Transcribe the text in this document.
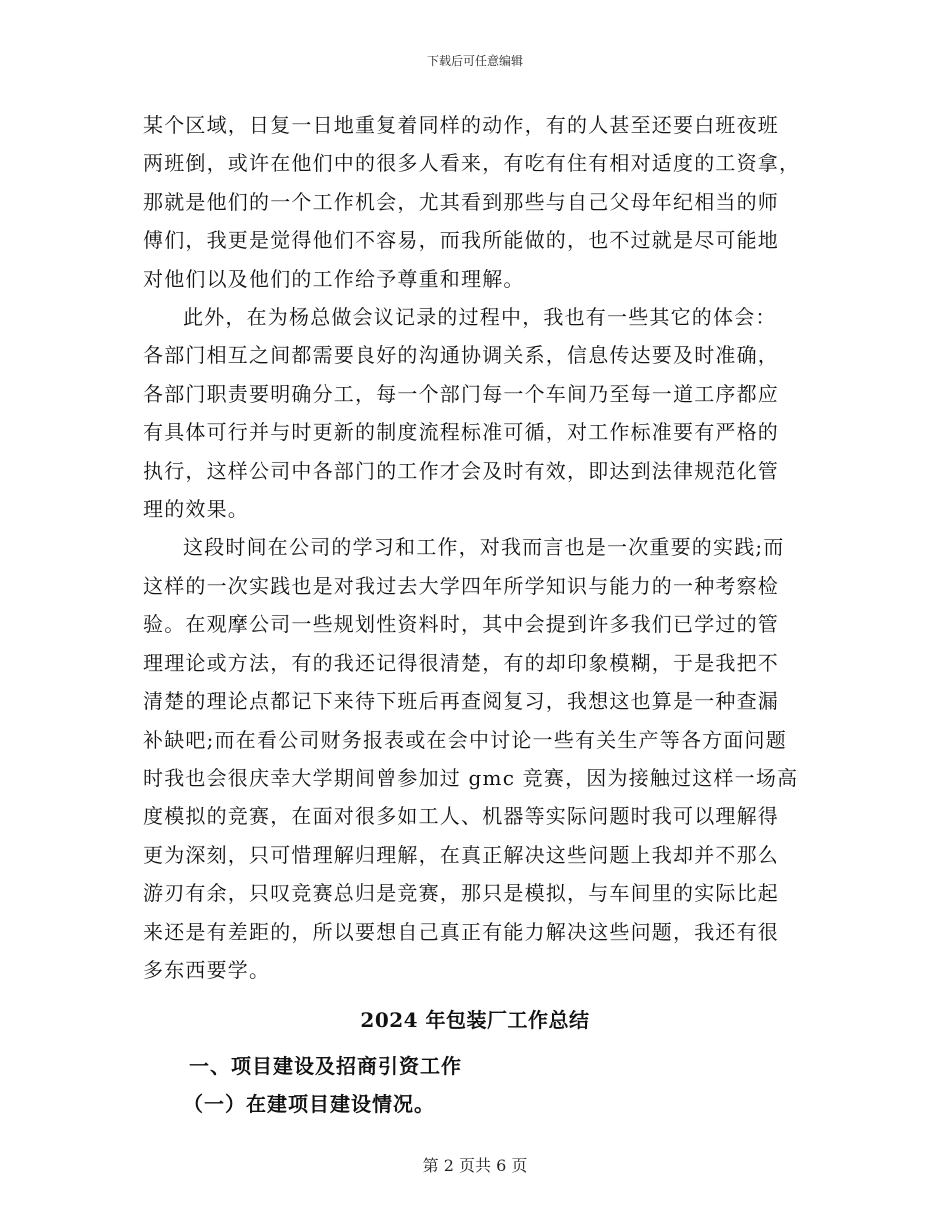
下载后可任意编辑

某个区域，日复一日地重复着同样的动作，有的人甚至还要白班夜班
两班倒，或许在他们中的很多人看来，有吃有住有相对适度的工资拿，
那就是他们的一个工作机会，尤其看到那些与自己父母年纪相当的师
傅们，我更是觉得他们不容易，而我所能做的，也不过就是尽可能地
对他们以及他们的工作给予尊重和理解。

此外，在为杨总做会议记录的过程中，我也有一些其它的体会：
各部门相互之间都需要良好的沟通协调关系，信息传达要及时准确，
各部门职责要明确分工，每一个部门每一个车间乃至每一道工序都应
有具体可行并与时更新的制度流程标准可循，对工作标准要有严格的
执行，这样公司中各部门的工作才会及时有效，即达到法律规范化管
理的效果。

这段时间在公司的学习和工作，对我而言也是一次重要的实践;而
这样的一次实践也是对我过去大学四年所学知识与能力的一种考察检
验。在观摩公司一些规划性资料时，其中会提到许多我们已学过的管
理理论或方法，有的我还记得很清楚，有的却印象模糊，于是我把不
清楚的理论点都记下来待下班后再查阅复习，我想这也算是一种查漏
补缺吧;而在看公司财务报表或在会中讨论一些有关生产等各方面问题
时我也会很庆幸大学期间曾参加过 gmc 竞赛，因为接触过这样一场高
度模拟的竞赛，在面对很多如工人、机器等实际问题时我可以理解得
更为深刻，只可惜理解归理解，在真正解决这些问题上我却并不那么
游刃有余，只叹竞赛总归是竞赛，那只是模拟，与车间里的实际比起
来还是有差距的，所以要想自己真正有能力解决这些问题，我还有很
多东西要学。

2024 年包装厂工作总结
一、项目建设及招商引资工作
（一）在建项目建设情况。
第 2 页共 6 页
